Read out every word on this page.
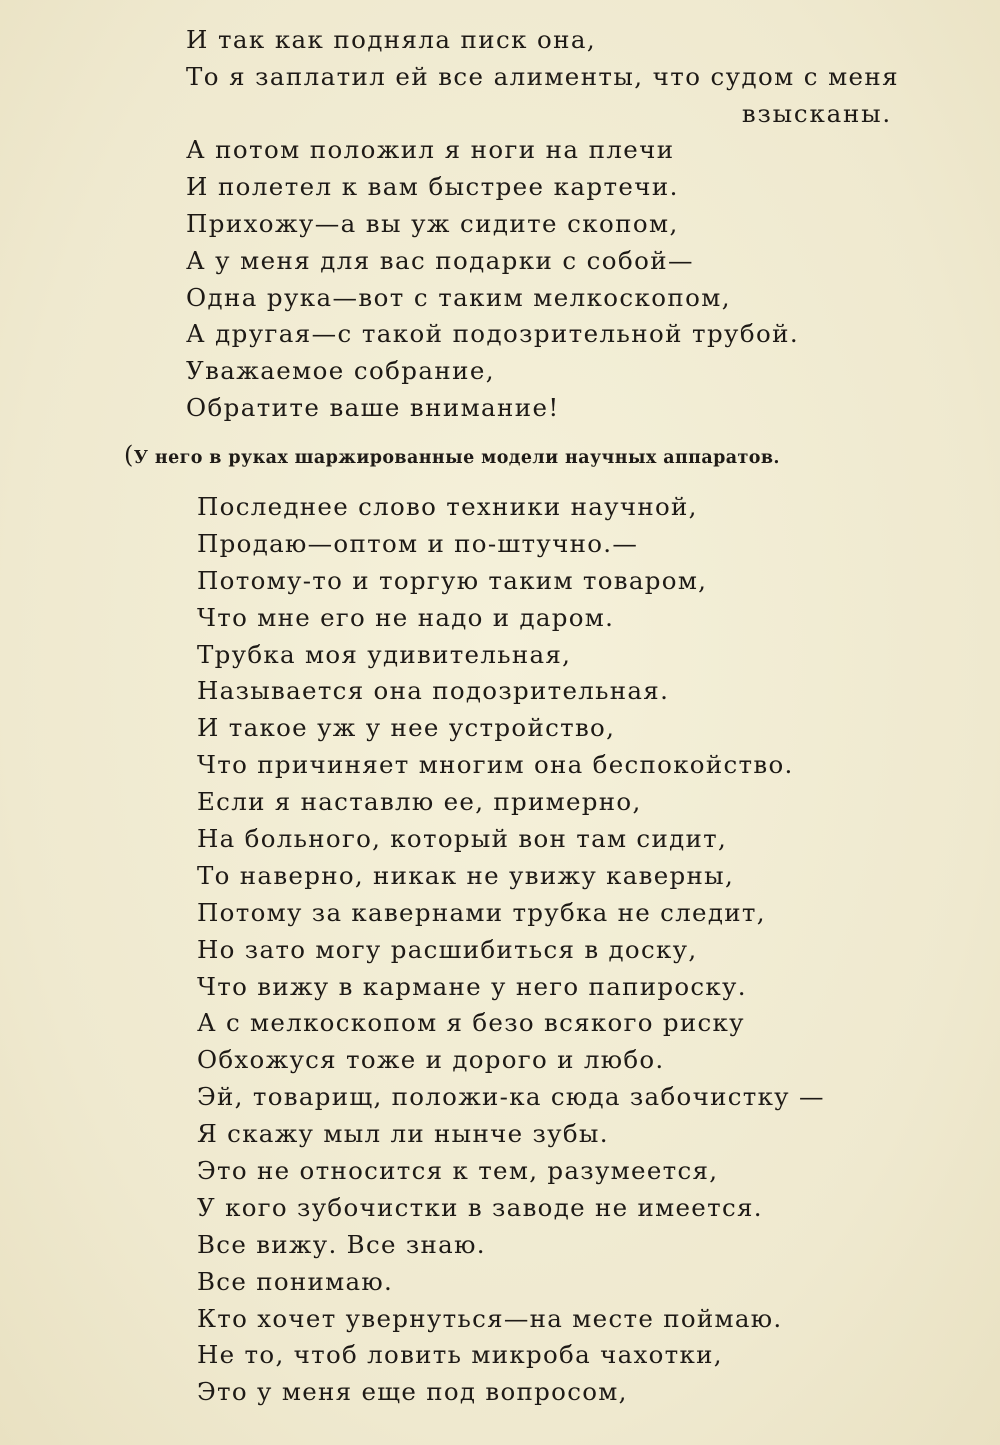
И так как подняла писк она,
То я заплатил ей все алименты, что судом с меня
взысканы.
А потом положил я ноги на плечи
И полетел к вам быстрее картечи.
Прихожу—а вы уж сидите скопом,
А у меня для вас подарки с собой—
Одна рука—вот с таким мелкоскопом,
А другая—с такой подозрительной трубой.
Уважаемое собрание,
Обратите ваше внимание!
(У него в руках шаржированные модели научных аппаратов.
Последнее слово техники научной,
Продаю—оптом и по-штучно.—
Потому-то и торгую таким товаром,
Что мне его не надо и даром.
Трубка моя удивительная,
Называется она подозрительная.
И такое уж у нее устройство,
Что причиняет многим она беспокойство.
Если я наставлю ее, примерно,
На больного, который вон там сидит,
То наверно, никак не увижу каверны,
Потому за кавернами трубка не следит,
Но зато могу расшибиться в доску,
Что вижу в кармане у него папироску.
А с мелкоскопом я безо всякого риску
Обхожуся тоже и дорого и любо.
Эй, товарищ, положи-ка сюда забочистку —
Я скажу мыл ли нынче зубы.
Это не относится к тем, разумеется,
У кого зубочистки в заводе не имеется.
Все вижу. Все знаю.
Все понимаю.
Кто хочет увернуться—на месте поймаю.
Не то, чтоб ловить микроба чахотки,
Это у меня еще под вопросом,
